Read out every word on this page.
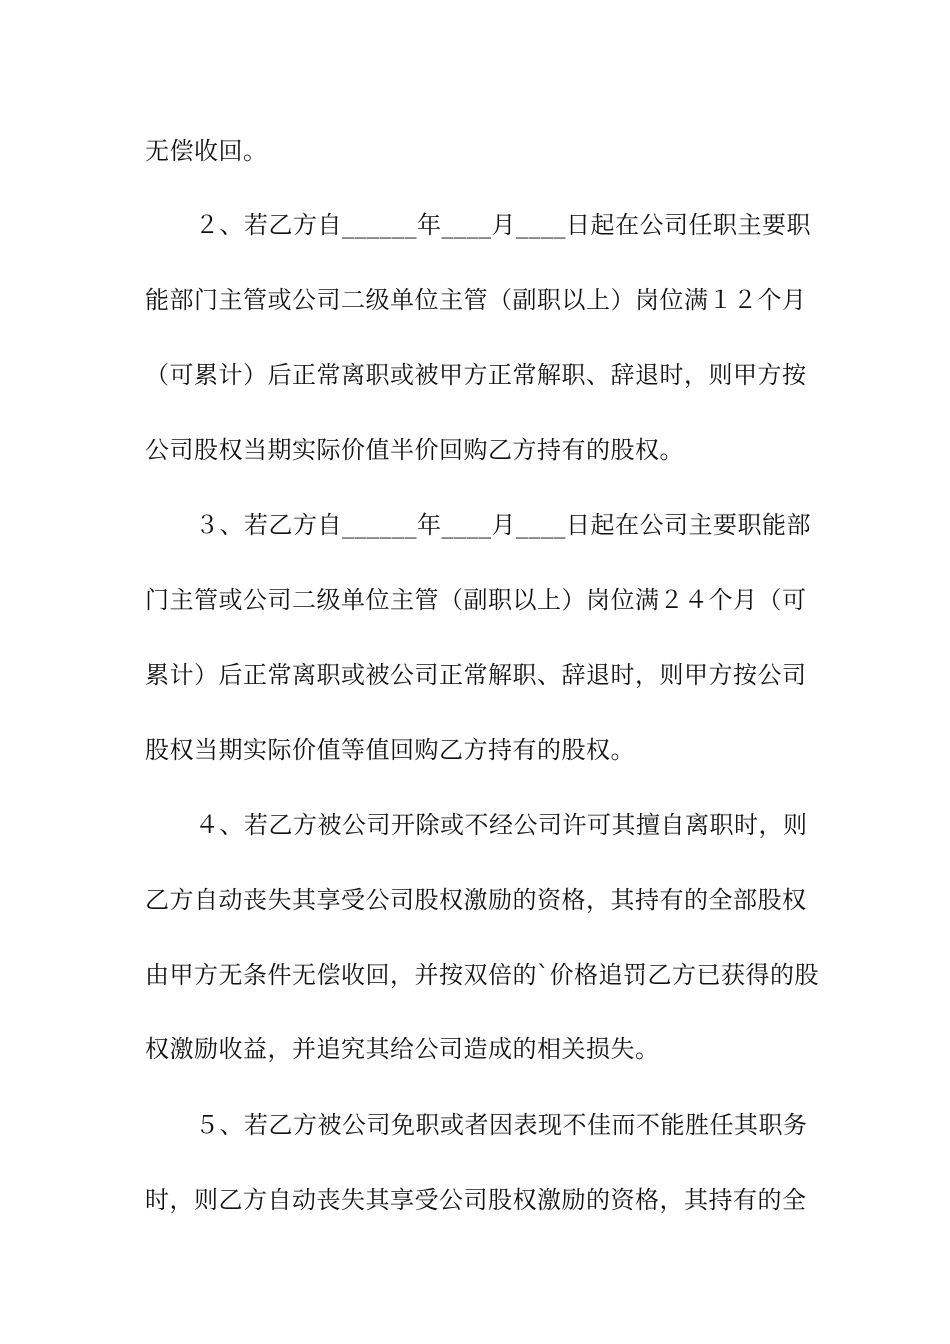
无偿收回。
２、若乙方自______年____月____日起在公司任职主要职
能部门主管或公司二级单位主管（副职以上）岗位满１２个月
（可累计）后正常离职或被甲方正常解职、辞退时，则甲方按
公司股权当期实际价值半价回购乙方持有的股权。
３、若乙方自______年____月____日起在公司主要职能部
门主管或公司二级单位主管（副职以上）岗位满２４个月（可
累计）后正常离职或被公司正常解职、辞退时，则甲方按公司
股权当期实际价值等值回购乙方持有的股权。
４、若乙方被公司开除或不经公司许可其擅自离职时，则
乙方自动丧失其享受公司股权激励的资格，其持有的全部股权
由甲方无条件无偿收回，并按双倍的`价格追罚乙方已获得的股
权激励收益，并追究其给公司造成的相关损失。
５、若乙方被公司免职或者因表现不佳而不能胜任其职务
时，则乙方自动丧失其享受公司股权激励的资格，其持有的全
